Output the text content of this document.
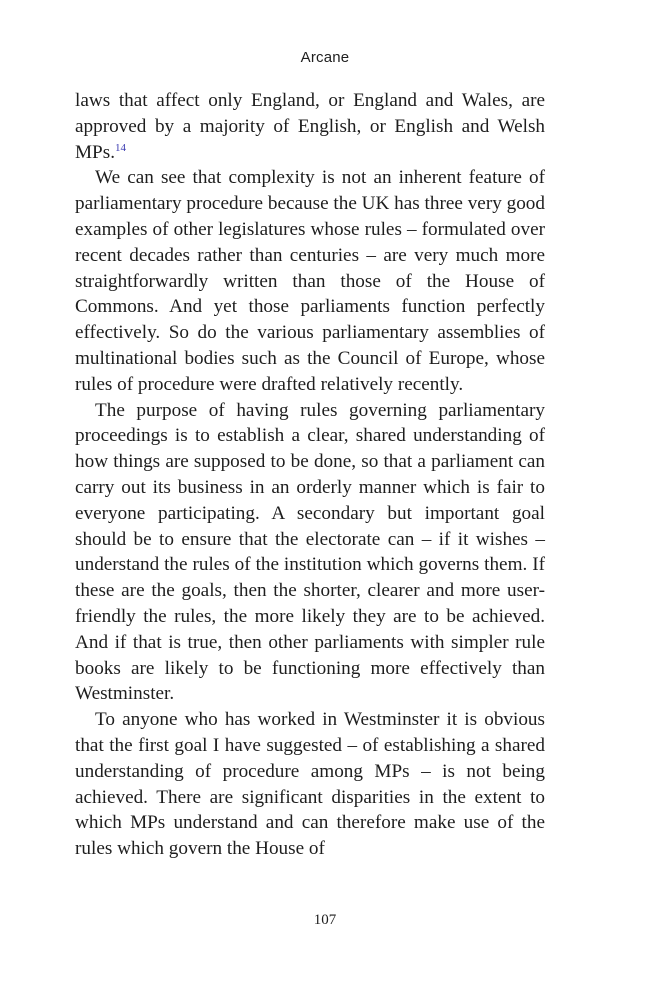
Arcane

laws that affect only England, or England and Wales, are approved by a majority of English, or English and Welsh MPs.$^{14}$

We can see that complexity is not an inherent feature of parliamentary procedure because the UK has three very good examples of other legislatures whose rules – formulated over recent decades rather than centuries – are very much more straightforwardly written than those of the House of Commons. And yet those parliaments function perfectly effectively. So do the various parliamentary assemblies of multinational bodies such as the Council of Europe, whose rules of procedure were drafted relatively recently.

The purpose of having rules governing parliamentary proceedings is to establish a clear, shared understanding of how things are supposed to be done, so that a parliament can carry out its business in an orderly manner which is fair to everyone participating. A secondary but important goal should be to ensure that the electorate can – if it wishes – understand the rules of the institution which governs them. If these are the goals, then the shorter, clearer and more user-friendly the rules, the more likely they are to be achieved. And if that is true, then other parliaments with simpler rule books are likely to be functioning more effectively than Westminster.

To anyone who has worked in Westminster it is obvious that the first goal I have suggested – of establishing a shared understanding of procedure among MPs – is not being achieved. There are significant disparities in the extent to which MPs understand and can therefore make use of the rules which govern the House of

107
